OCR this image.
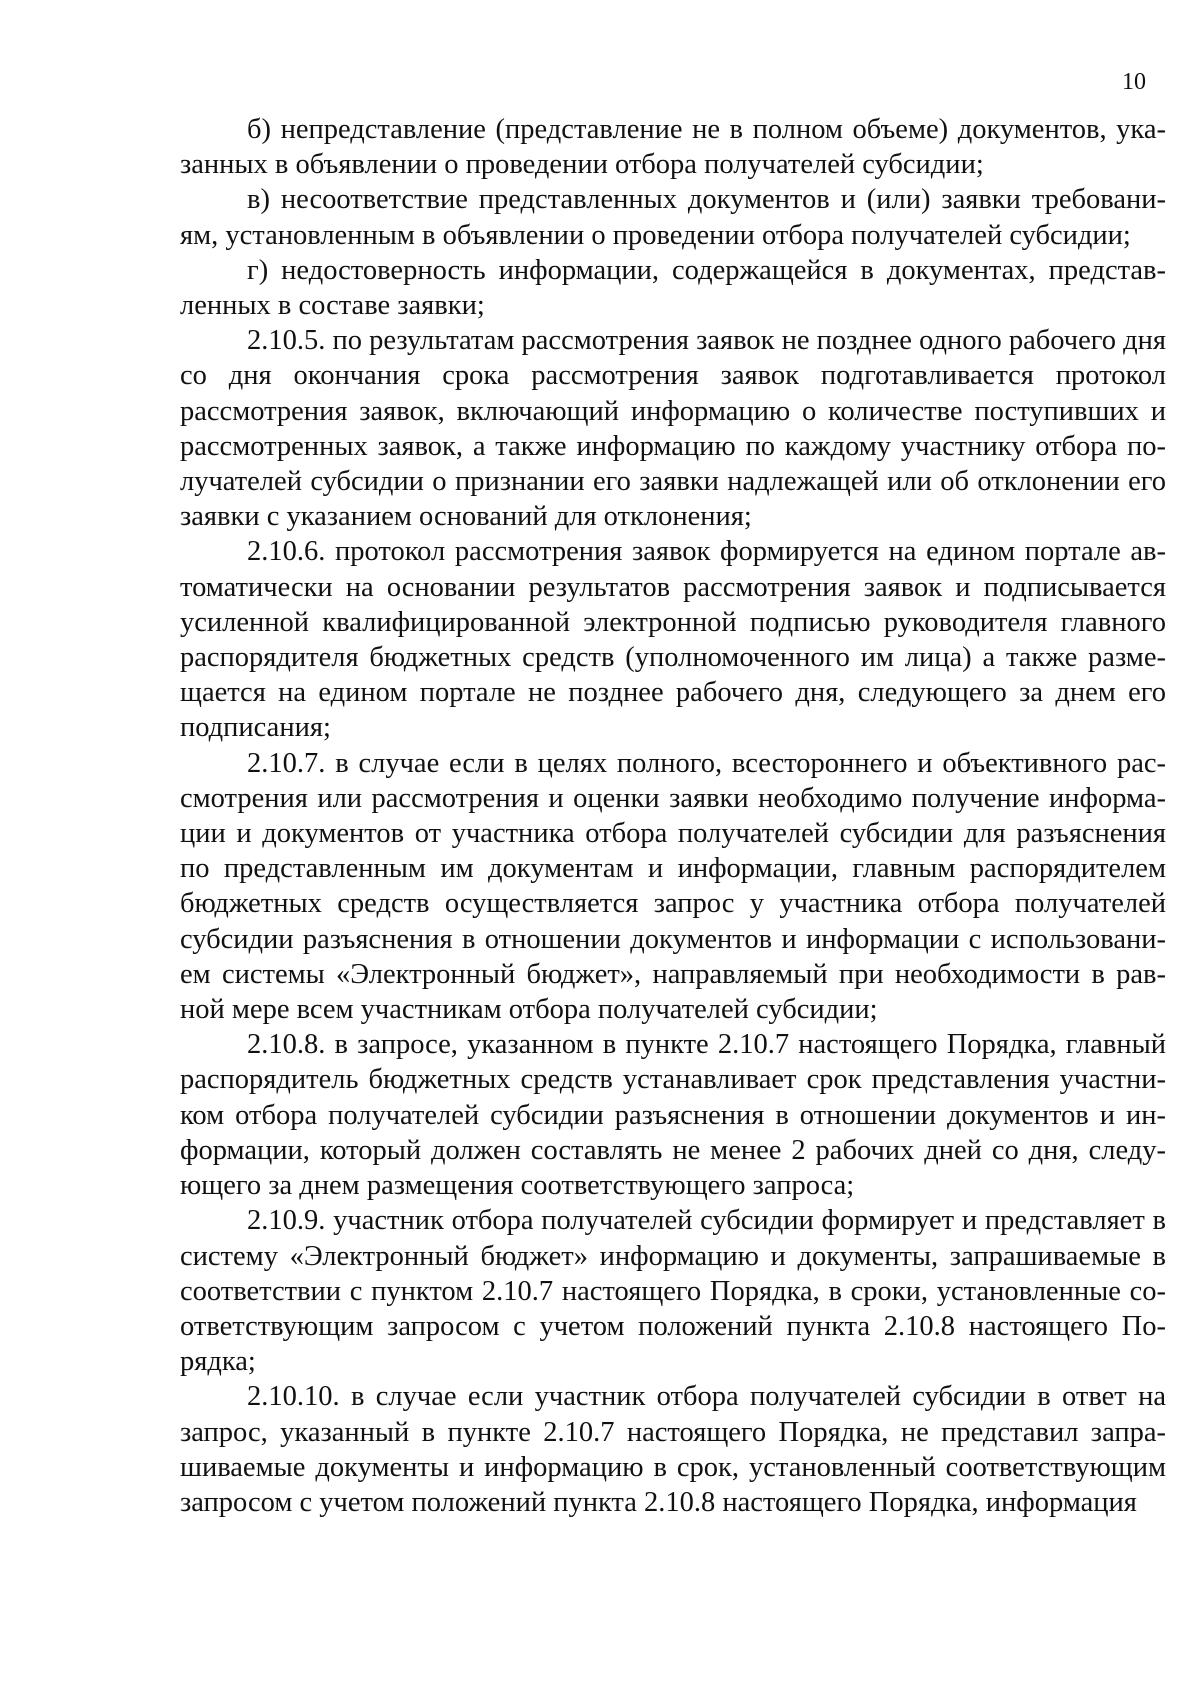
10

б) непредставление (представление не в полном объеме) документов, указанных в объявлении о проведении отбора получателей субсидии;

в) несоответствие представленных документов и (или) заявки требованиям, установленным в объявлении о проведении отбора получателей субсидии;

г) недостоверность информации, содержащейся в документах, представленных в составе заявки;

2.10.5. по результатам рассмотрения заявок не позднее одного рабочего дня со дня окончания срока рассмотрения заявок подготавливается протокол рассмотрения заявок, включающий информацию о количестве поступивших и рассмотренных заявок, а также информацию по каждому участнику отбора получателей субсидии о признании его заявки надлежащей или об отклонении его заявки с указанием оснований для отклонения;

2.10.6. протокол рассмотрения заявок формируется на едином портале автоматически на основании результатов рассмотрения заявок и подписывается усиленной квалифицированной электронной подписью руководителя главного распорядителя бюджетных средств (уполномоченного им лица) а также размещается на едином портале не позднее рабочего дня, следующего за днем его подписания;

2.10.7. в случае если в целях полного, всестороннего и объективного рассмотрения или рассмотрения и оценки заявки необходимо получение информации и документов от участника отбора получателей субсидии для разъяснения по представленным им документам и информации, главным распорядителем бюджетных средств осуществляется запрос у участника отбора получателей субсидии разъяснения в отношении документов и информации с использованием системы «Электронный бюджет», направляемый при необходимости в равной мере всем участникам отбора получателей субсидии;

2.10.8. в запросе, указанном в пункте 2.10.7 настоящего Порядка, главный распорядитель бюджетных средств устанавливает срок представления участником отбора получателей субсидии разъяснения в отношении документов и информации, который должен составлять не менее 2 рабочих дней со дня, следующего за днем размещения соответствующего запроса;

2.10.9. участник отбора получателей субсидии формирует и представляет в систему «Электронный бюджет» информацию и документы, запрашиваемые в соответствии с пунктом 2.10.7 настоящего Порядка, в сроки, установленные соответствующим запросом с учетом положений пункта 2.10.8 настоящего Порядка;

2.10.10. в случае если участник отбора получателей субсидии в ответ на запрос, указанный в пункте 2.10.7 настоящего Порядка, не представил запрашиваемые документы и информацию в срок, установленный соответствующим запросом с учетом положений пункта 2.10.8 настоящего Порядка, информация
